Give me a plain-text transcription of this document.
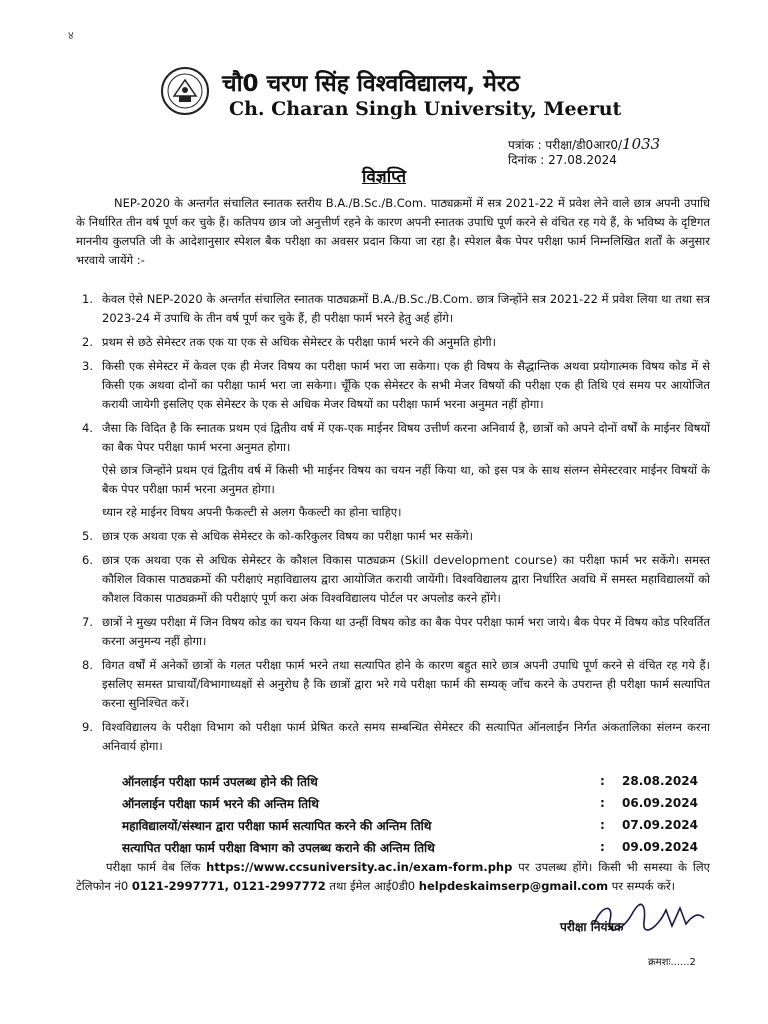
४
चौ0 चरण सिंह विश्वविद्यालय, मेरठ
Ch. Charan Singh University, Meerut
पत्रांक : परीक्षा/डी0आर0/1033
दिनांक : 27.08.2024
विज्ञप्ति
NEP-2020 के अन्तर्गत संचालित स्नातक स्तरीय B.A./B.Sc./B.Com. पाठ्यक्रमों में सत्र 2021-22 में प्रवेश लेने वाले छात्र अपनी उपाधि के निर्धारित तीन वर्ष पूर्ण कर चुके हैं। कतिपय छात्र जो अनुत्तीर्ण रहने के कारण अपनी स्नातक उपाधि पूर्ण करने से वंचित रह गये हैं, के भविष्य के दृष्टिगत माननीय कुलपति जी के आदेशानुसार स्पेशल बैक परीक्षा का अवसर प्रदान किया जा रहा है। स्पेशल बैक पेपर परीक्षा फार्म निम्नलिखित शर्तों के अनुसार भरवाये जायेंगे :-
1. केवल ऐसे NEP-2020 के अन्तर्गत संचालित स्नातक पाठ्यक्रमों B.A./B.Sc./B.Com. छात्र जिन्होंने सत्र 2021-22 में प्रवेश लिया था तथा सत्र 2023-24 में उपाधि के तीन वर्ष पूर्ण कर चुके हैं, ही परीक्षा फार्म भरने हेतु अर्ह होंगे।
2. प्रथम से छठे सेमेस्टर तक एक या एक से अधिक सेमेस्टर के परीक्षा फार्म भरने की अनुमति होगी।
3. किसी एक सेमेस्टर में केवल एक ही मेजर विषय का परीक्षा फार्म भरा जा सकेगा। एक ही विषय के सैद्धान्तिक अथवा प्रयोगात्मक विषय कोड में से किसी एक अथवा दोनों का परीक्षा फार्म भरा जा सकेगा। चूँकि एक सेमेस्टर के सभी मेजर विषयों की परीक्षा एक ही तिथि एवं समय पर आयोजित करायी जायेगी इसलिए एक सेमेस्टर के एक से अधिक मेजर विषयों का परीक्षा फार्म भरना अनुमत नहीं होगा।
4. जैसा कि विदित है कि स्नातक प्रथम एवं द्वितीय वर्ष में एक-एक माईनर विषय उत्तीर्ण करना अनिवार्य है, छात्रों को अपने दोनों वर्षों के माईनर विषयों का बैक पेपर परीक्षा फार्म भरना अनुमत होगा।
ऐसे छात्र जिन्होंने प्रथम एवं द्वितीय वर्ष में किसी भी माईनर विषय का चयन नहीं किया था, को इस पत्र के साथ संलग्न सेमेस्टरवार माईनर विषयों के बैक पेपर परीक्षा फार्म भरना अनुमत होगा।
ध्यान रहे माईनर विषय अपनी फैकल्टी से अलग फैकल्टी का होना चाहिए।
5. छात्र एक अथवा एक से अधिक सेमेस्टर के को-करिकुलर विषय का परीक्षा फार्म भर सकेंगे।
6. छात्र एक अथवा एक से अधिक सेमेस्टर के कौशल विकास पाठ्यक्रम (Skill development course) का परीक्षा फार्म भर सकेंगे। समस्त कौशिल विकास पाठ्यक्रमों की परीक्षाएं महाविद्यालय द्वारा आयोजित करायी जायेंगी। विश्वविद्यालय द्वारा निर्धारित अवधि में समस्त महाविद्यालयों को कौशल विकास पाठ्यक्रमों की परीक्षाएं पूर्ण करा अंक विश्वविद्यालय पोर्टल पर अपलोड करने होंगे।
7. छात्रों ने मुख्य परीक्षा में जिन विषय कोड का चयन किया था उन्हीं विषय कोड का बैक पेपर परीक्षा फार्म भरा जाये। बैक पेपर में विषय कोड परिवर्तित करना अनुमन्य नहीं होगा।
8. विगत वर्षों में अनेकों छात्रों के गलत परीक्षा फार्म भरने तथा सत्यापित होने के कारण बहुत सारे छात्र अपनी उपाधि पूर्ण करने से वंचित रह गये हैं। इसलिए समस्त प्राचार्यों/विभागाध्यक्षों से अनुरोध है कि छात्रों द्वारा भरे गये परीक्षा फार्म की सम्यक् जाँच करने के उपरान्त ही परीक्षा फार्म सत्यापित करना सुनिश्चित करें।
9. विश्वविद्यालय के परीक्षा विभाग को परीक्षा फार्म प्रेषित करते समय सम्बन्धित सेमेस्टर की सत्यापित ऑनलाईन निर्गत अंकतालिका संलग्न करना अनिवार्य होगा।
ऑनलाईन परीक्षा फार्म उपलब्ध होने की तिथि	:	28.08.2024
ऑनलाईन परीक्षा फार्म भरने की अन्तिम तिथि	:	06.09.2024
महाविद्यालयों/संस्थान द्वारा परीक्षा फार्म सत्यापित करने की अन्तिम तिथि	:	07.09.2024
सत्यापित परीक्षा फार्म परीक्षा विभाग को उपलब्ध कराने की अन्तिम तिथि	:	09.09.2024
परीक्षा फार्म वेब लिंक https://www.ccsuniversity.ac.in/exam-form.php पर उपलब्ध होंगे। किसी भी समस्या के लिए टेलिफोन नं0 0121-2997771, 0121-2997772 तथा ईमेल आई0डी0 helpdeskaimserp@gmail.com पर सम्पर्क करें।
परीक्षा नियंत्रक
क्रमशः......2
